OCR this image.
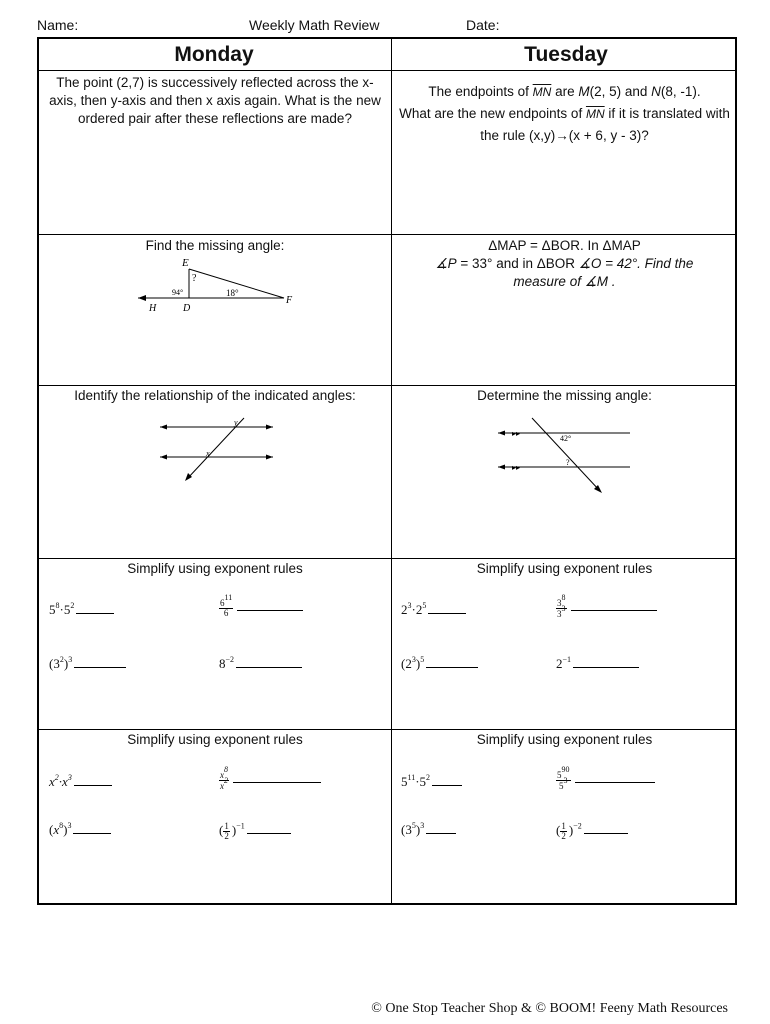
Name:	Weekly Math Review	Date:
Monday	Tuesday
The point (2,7) is successively reflected across the x-axis, then y-axis and then x axis again. What is the new ordered pair after these reflections are made?
The endpoints of $\overline{MN}$ are M(2, 5) and N(8, -1).
What are the new endpoints of $\overline{MN}$ if it is translated with the rule (x,y)→(x + 6, y - 3)?
Find the missing angle:
E
?
94°	18°
F
H	D
ΔMAP = ΔBOR. In ΔMAP
∡P = 33° and in ΔBOR ∡O = 42°. Find the
measure of ∡M .
Identify the relationship of the indicated angles:
y
x
Determine the missing angle:
▸▸
▸▸
42°
?
Simplify using exponent rules	Simplify using exponent rules
$5^8\cdot 5^2$	$\frac{6^{11}}{6}$
$(3^2)^3$	$8^{-2}$
$2^3\cdot 2^5$	$\frac{3^8}{3^3}$
$(2^3)^5$	$2^{-1}$
Simplify using exponent rules	Simplify using exponent rules
$x^2\cdot x^3$	$\frac{x^8}{x^2}$
$(x^8)^3$	( $\frac{1}{2} )^{-1}$
$5^{11}\cdot 5^2$	$\frac{5^{90}}{5^3}$
$(3^5)^3$	( $\frac{1}{2} )^{-2}$
© One Stop Teacher Shop & © BOOM! Feeny Math Resources
